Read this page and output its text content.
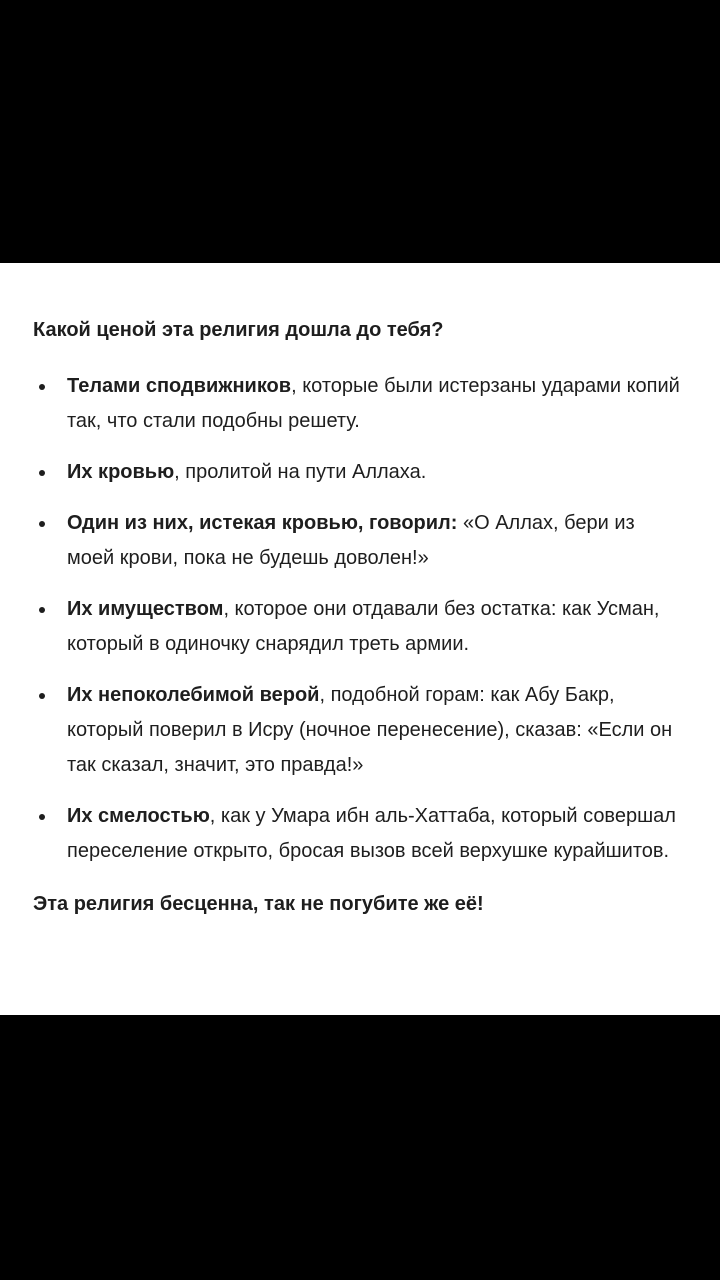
Какой ценой эта религия дошла до тебя?

Телами сподвижников, которые были истерзаны ударами копий так, что стали подобны решету.
Их кровью, пролитой на пути Аллаха.
Один из них, истекая кровью, говорил: «О Аллах, бери из моей крови, пока не будешь доволен!»
Их имуществом, которое они отдавали без остатка: как Усман, который в одиночку снарядил треть армии.
Их непоколебимой верой, подобной горам: как Абу Бакр, который поверил в Исру (ночное перенесение), сказав: «Если он так сказал, значит, это правда!»
Их смелостью, как у Умара ибн аль-Хаттаба, который совершал переселение открыто, бросая вызов всей верхушке курайшитов.

Эта религия бесценна, так не погубите же её!
